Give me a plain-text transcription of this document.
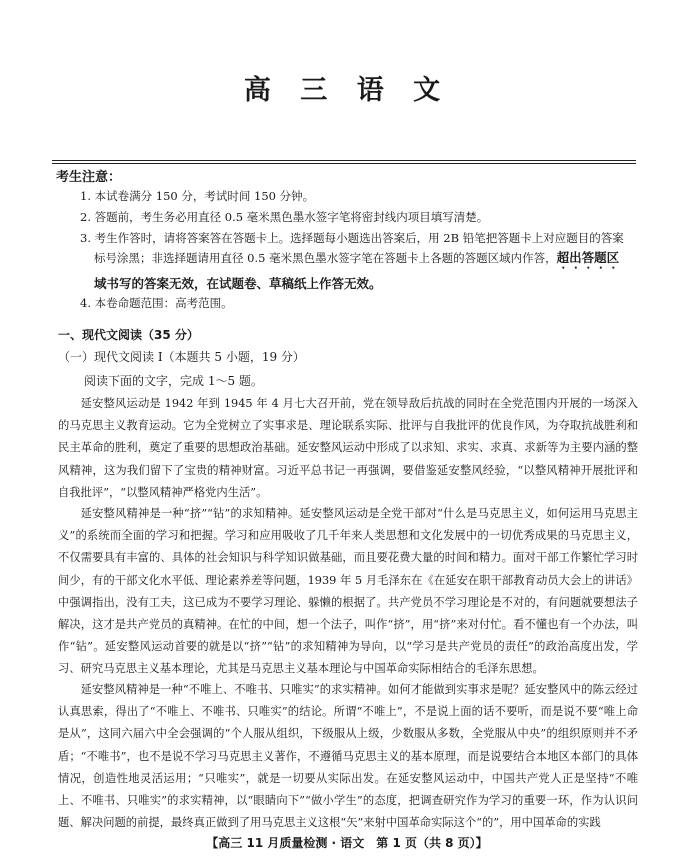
高 三 语 文
考生注意：
1. 本试卷满分 150 分，考试时间 150 分钟。
2. 答题前，考生务必用直径 0.5 毫米黑色墨水签字笔将密封线内项目填写清楚。
3. 考生作答时，请将答案答在答题卡上。选择题每小题选出答案后，用 2B 铅笔把答题卡上对应题目的答案
标号涂黑；非选择题请用直径 0.5 毫米黑色墨水签字笔在答题卡上各题的答题区域内作答，超出答题区
域书写的答案无效，在试题卷、草稿纸上作答无效。
4. 本卷命题范围：高考范围。
一、现代文阅读（35 分）
（一）现代文阅读 Ⅰ（本题共 5 小题，19 分）
阅读下面的文字，完成 1～5 题。

延安整风运动是 1942 年到 1945 年 4 月七大召开前，党在领导敌后抗战的同时在全党范围内开展的一场深入的马克思主义教育运动。它为全党树立了实事求是、理论联系实际、批评与自我批评的优良作风，为夺取抗战胜利和民主革命的胜利，奠定了重要的思想政治基础。延安整风运动中形成了以求知、求实、求真、求新等为主要内涵的整风精神，这为我们留下了宝贵的精神财富。习近平总书记一再强调，要借鉴延安整风经验，“以整风精神开展批评和自我批评”，“以整风精神严格党内生活”。

延安整风精神是一种“挤”“钻”的求知精神。延安整风运动是全党干部对“什么是马克思主义，如何运用马克思主义”的系统而全面的学习和把握。学习和应用吸收了几千年来人类思想和文化发展中的一切优秀成果的马克思主义，不仅需要具有丰富的、具体的社会知识与科学知识做基础，而且要花费大量的时间和精力。面对干部工作繁忙学习时间少，有的干部文化水平低、理论素养差等问题，1939 年 5 月毛泽东在《在延安在职干部教育动员大会上的讲话》中强调指出，没有工夫，这已成为不要学习理论、躲懒的根据了。共产党员不学习理论是不对的，有问题就要想法子解决，这才是共产党员的真精神。在忙的中间，想一个法子，叫作“挤”，用“挤”来对付忙。看不懂也有一个办法，叫作“钻”。延安整风运动首要的就是以“挤”“钻”的求知精神为导向，以“学习是共产党员的责任”的政治高度出发，学习、研究马克思主义基本理论，尤其是马克思主义基本理论与中国革命实际相结合的毛泽东思想。

延安整风精神是一种“不唯上、不唯书、只唯实”的求实精神。如何才能做到实事求是呢？延安整风中的陈云经过认真思索，得出了“不唯上、不唯书、只唯实”的结论。所谓“不唯上”，不是说上面的话不要听，而是说不要“唯上命是从”，这同六届六中全会强调的“个人服从组织，下级服从上级，少数服从多数，全党服从中央”的组织原则并不矛盾；“不唯书”，也不是说不学习马克思主义著作，不遵循马克思主义的基本原理，而是说要结合本地区本部门的具体情况，创造性地灵活运用；“只唯实”，就是一切要从实际出发。在延安整风运动中，中国共产党人正是坚持“不唯上、不唯书、只唯实”的求实精神，以“眼睛向下”“做小学生”的态度，把调查研究作为学习的重要一环，作为认识问题、解决问题的前提，最终真正做到了用马克思主义这根“矢”来射中国革命实际这个“的”，用中国革命的实践

【高三 11 月质量检测 · 语文　第 1 页（共 8 页）】
